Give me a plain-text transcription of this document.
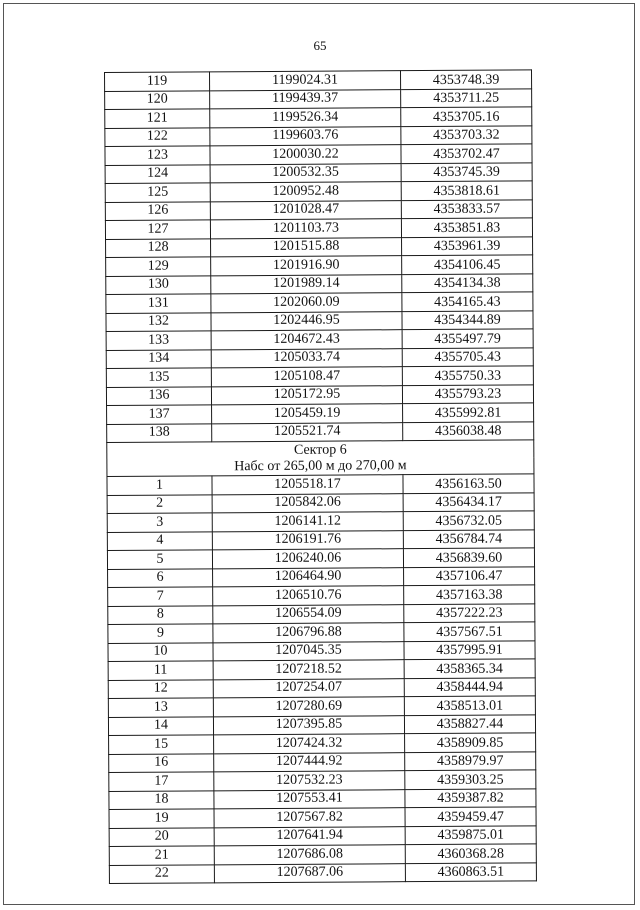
65
119	1199024.31	4353748.39
120	1199439.37	4353711.25
121	1199526.34	4353705.16
122	1199603.76	4353703.32
123	1200030.22	4353702.47
124	1200532.35	4353745.39
125	1200952.48	4353818.61
126	1201028.47	4353833.57
127	1201103.73	4353851.83
128	1201515.88	4353961.39
129	1201916.90	4354106.45
130	1201989.14	4354134.38
131	1202060.09	4354165.43
132	1202446.95	4354344.89
133	1204672.43	4355497.79
134	1205033.74	4355705.43
135	1205108.47	4355750.33
136	1205172.95	4355793.23
137	1205459.19	4355992.81
138	1205521.74	4356038.48
Сектор 6		
Набс от 265,00 м до 270,00 м		
1	1205518.17	4356163.50
2	1205842.06	4356434.17
3	1206141.12	4356732.05
4	1206191.76	4356784.74
5	1206240.06	4356839.60
6	1206464.90	4357106.47
7	1206510.76	4357163.38
8	1206554.09	4357222.23
9	1206796.88	4357567.51
10	1207045.35	4357995.91
11	1207218.52	4358365.34
12	1207254.07	4358444.94
13	1207280.69	4358513.01
14	1207395.85	4358827.44
15	1207424.32	4358909.85
16	1207444.92	4358979.97
17	1207532.23	4359303.25
18	1207553.41	4359387.82
19	1207567.82	4359459.47
20	1207641.94	4359875.01
21	1207686.08	4360368.28
22	1207687.06	4360863.51
